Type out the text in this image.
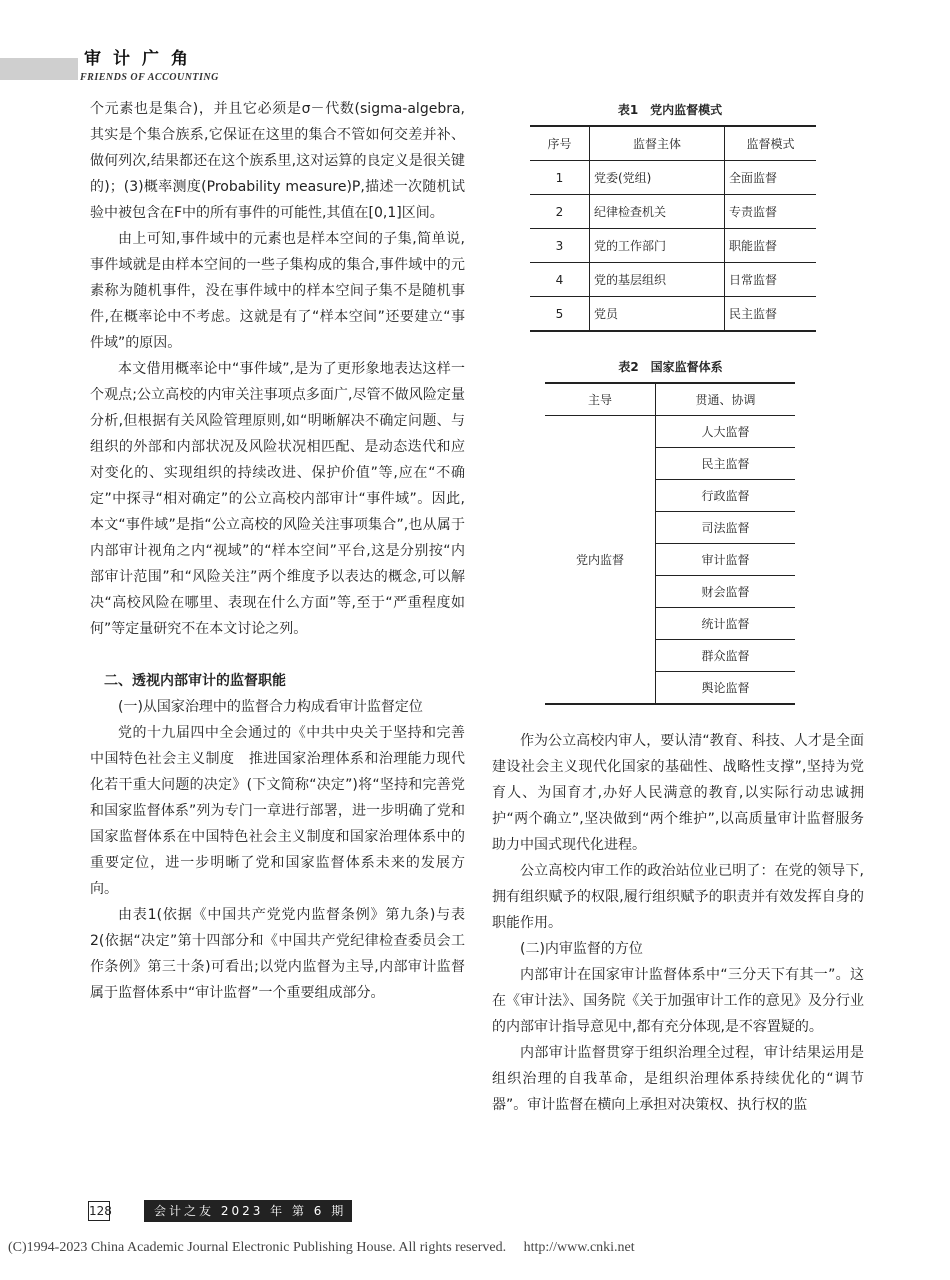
审计广角
FRIENDS OF ACCOUNTING

个元素也是集合)，并且它必须是σ－代数(sigma-algebra,其实是个集合族系,它保证在这里的集合不管如何交差并补、做何列次,结果都还在这个族系里,这对运算的良定义是很关键的)；(3)概率测度(Probability measure)P,描述一次随机试验中被包含在F中的所有事件的可能性,其值在[0,1]区间。

由上可知,事件域中的元素也是样本空间的子集,简单说,事件域就是由样本空间的一些子集构成的集合,事件域中的元素称为随机事件，没在事件域中的样本空间子集不是随机事件,在概率论中不考虑。这就是有了“样本空间”还要建立“事件域”的原因。

本文借用概率论中“事件域”,是为了更形象地表达这样一个观点;公立高校的内审关注事项点多面广,尽管不做风险定量分析,但根据有关风险管理原则,如“明晰解决不确定问题、与组织的外部和内部状况及风险状况相匹配、是动态迭代和应对变化的、实现组织的持续改进、保护价值”等,应在“不确定”中探寻“相对确定”的公立高校内部审计“事件域”。因此,本文“事件域”是指“公立高校的风险关注事项集合”,也从属于内部审计视角之内“视域”的“样本空间”平台,这是分别按“内部审计范围”和“风险关注”两个维度予以表达的概念,可以解决“高校风险在哪里、表现在什么方面”等,至于“严重程度如何”等定量研究不在本文讨论之列。

二、透视内部审计的监督职能

(一)从国家治理中的监督合力构成看审计监督定位

党的十九届四中全会通过的《中共中央关于坚持和完善中国特色社会主义制度　推进国家治理体系和治理能力现代化若干重大问题的决定》(下文简称“决定”)将“坚持和完善党和国家监督体系”列为专门一章进行部署，进一步明确了党和国家监督体系在中国特色社会主义制度和国家治理体系中的重要定位，进一步明晰了党和国家监督体系未来的发展方向。

由表1(依据《中国共产党党内监督条例》第九条)与表2(依据“决定”第十四部分和《中国共产党纪律检查委员会工作条例》第三十条)可看出;以党内监督为主导,内部审计监督属于监督体系中“审计监督”一个重要组成部分。

表1　党内监督模式
序号	监督主体	监督模式
1	党委(党组)	全面监督
2	纪律检查机关	专责监督
3	党的工作部门	职能监督
4	党的基层组织	日常监督
5	党员	民主监督
表2　国家监督体系
主导	贯通、协调
党内监督	人大监督
	民主监督
	行政监督
	司法监督
	审计监督
	财会监督
	统计监督
	群众监督
	舆论监督

作为公立高校内审人，要认清“教育、科技、人才是全面建设社会主义现代化国家的基础性、战略性支撑”,坚持为党育人、为国育才,办好人民满意的教育,以实际行动忠诚拥护“两个确立”,坚决做到“两个维护”,以高质量审计监督服务助力中国式现代化进程。

公立高校内审工作的政治站位业已明了：在党的领导下,拥有组织赋予的权限,履行组织赋予的职责并有效发挥自身的职能作用。

(二)内审监督的方位

内部审计在国家审计监督体系中“三分天下有其一”。这在《审计法》、国务院《关于加强审计工作的意见》及分行业的内部审计指导意见中,都有充分体现,是不容置疑的。

内部审计监督贯穿于组织治理全过程，审计结果运用是组织治理的自我革命，是组织治理体系持续优化的“调节器”。审计监督在横向上承担对决策权、执行权的监

128	会计之友 2023 年 第 6 期
(C)1994-2023 China Academic Journal Electronic Publishing House. All rights reserved.　 http://www.cnki.net
